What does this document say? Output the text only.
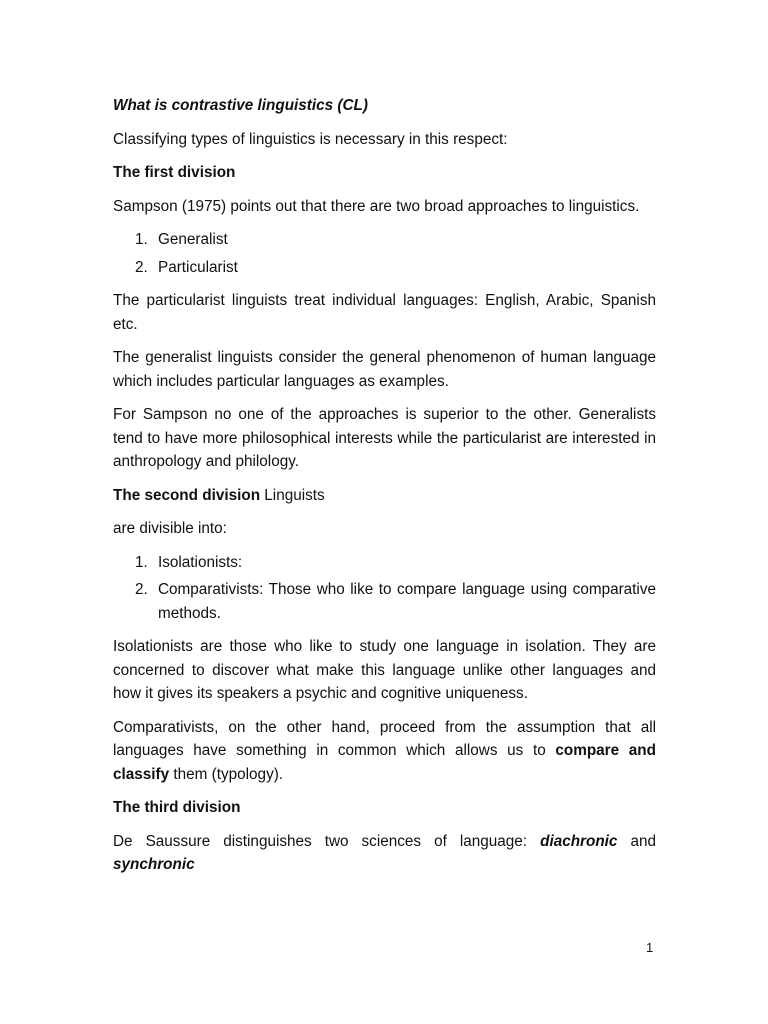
What is contrastive linguistics (CL)

Classifying types of linguistics is necessary in this respect:

The first division

Sampson (1975) points out that there are two broad approaches to linguistics.

1. Generalist
2. Particularist

The particularist linguists treat individual languages: English, Arabic, Spanish etc.

The generalist linguists consider the general phenomenon of human language which includes particular languages as examples.

For Sampson no one of the approaches is superior to the other. Generalists tend to have more philosophical interests while the particularist are interested in anthropology and philology.

The second division Linguists

are divisible into:

1. Isolationists:
2. Comparativists: Those who like to compare language using comparative methods.

Isolationists are those who like to study one language in isolation. They are concerned to discover what make this language unlike other languages and how it gives its speakers a psychic and cognitive uniqueness.

Comparativists, on the other hand, proceed from the assumption that all languages have something in common which allows us to compare and classify them (typology).

The third division

De Saussure distinguishes two sciences of language: diachronic and synchronic

1
